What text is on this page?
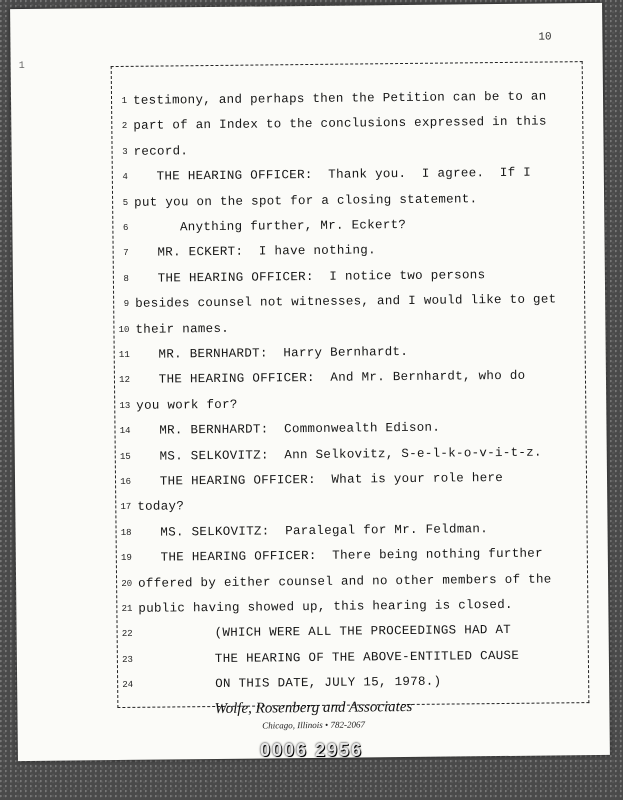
10
1
1 testimony, and perhaps then the Petition can be to an
2 part of an Index to the conclusions expressed in this
3 record.
4 THE HEARING OFFICER:  Thank you.  I agree.  If I
5 put you on the spot for a closing statement.
6	Anything further, Mr. Eckert?
7 MR. ECKERT:  I have nothing.
8 THE HEARING OFFICER:  I notice two persons
9 besides counsel not witnesses, and I would like to get
10 their names.
11 MR. BERNHARDT:  Harry Bernhardt.
12 THE HEARING OFFICER:  And Mr. Bernhardt, who do
13 you work for?
14 MR. BERNHARDT:  Commonwealth Edison.
15 MS. SELKOVITZ:  Ann Selkovitz, S-e-l-k-o-v-i-t-z.
16 THE HEARING OFFICER:  What is your role here
17 today?
18 MS. SELKOVITZ:  Paralegal for Mr. Feldman.
19 THE HEARING OFFICER:  There being nothing further
20 offered by either counsel and no other members of the
21 public having showed up, this hearing is closed.
22	(WHICH WERE ALL THE PROCEEDINGS HAD AT
23	THE HEARING OF THE ABOVE-ENTITLED CAUSE
24	ON THIS DATE, JULY 15, 1978.)
Wolfe, Rosenberg and Associates
Chicago, Illinois • 782-2067
0006 2956
